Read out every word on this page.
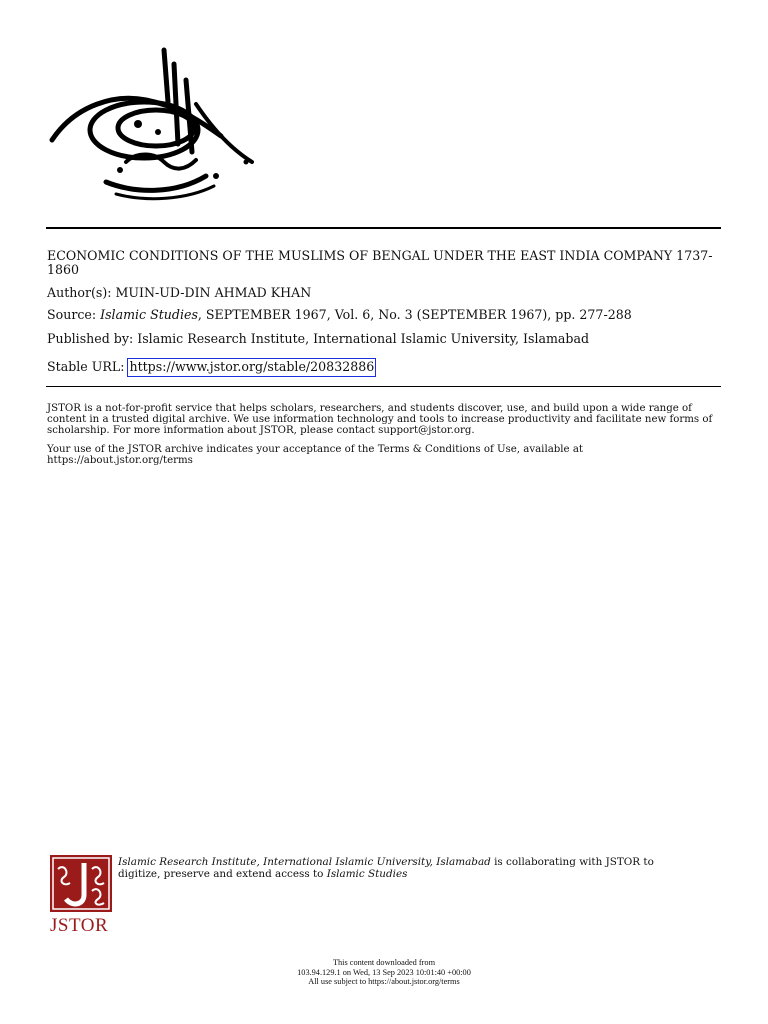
ECONOMIC CONDITIONS OF THE MUSLIMS OF BENGAL UNDER THE EAST INDIA COMPANY 1737-1860
Author(s): MUIN-UD-DIN AHMAD KHAN
Source: Islamic Studies, SEPTEMBER 1967, Vol. 6, No. 3 (SEPTEMBER 1967), pp. 277-288
Published by: Islamic Research Institute, International Islamic University, Islamabad
Stable URL: https://www.jstor.org/stable/20832886
JSTOR is a not-for-profit service that helps scholars, researchers, and students discover, use, and build upon a wide range of content in a trusted digital archive. We use information technology and tools to increase productivity and facilitate new forms of scholarship. For more information about JSTOR, please contact support@jstor.org.
Your use of the JSTOR archive indicates your acceptance of the Terms & Conditions of Use, available at https://about.jstor.org/terms
JSTOR
Islamic Research Institute, International Islamic University, Islamabad is collaborating with JSTOR to digitize, preserve and extend access to Islamic Studies
This content downloaded from
103.94.129.1 on Wed, 13 Sep 2023 10:01:40 +00:00
All use subject to https://about.jstor.org/terms
